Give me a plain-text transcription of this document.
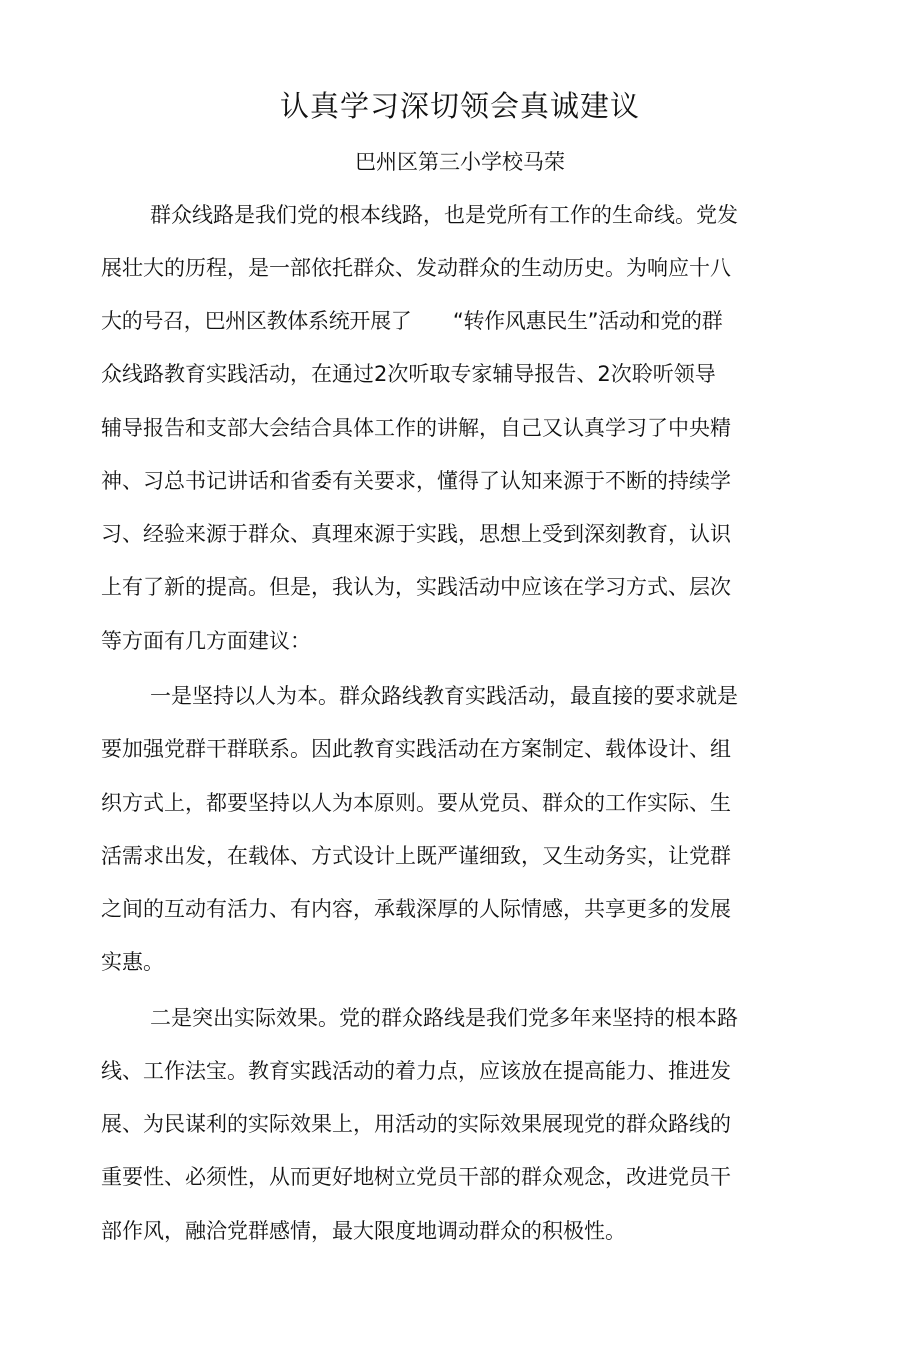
认真学习深切领会真诚建议
巴州区第三小学校马荣
群众线路是我们党的根本线路，也是党所有工作的生命线。党发
展壮大的历程，是一部依托群众、发动群众的生动历史。为响应十八
大的号召，巴州区教体系统开展了　　“转作风惠民生”活动和党的群
众线路教育实践活动，在通过2次听取专家辅导报告、2次聆听领导
辅导报告和支部大会结合具体工作的讲解，自己又认真学习了中央精
神、习总书记讲话和省委有关要求，懂得了认知来源于不断的持续学
习、经验来源于群众、真理來源于实践，思想上受到深刻教育，认识
上有了新的提高。但是，我认为，实践活动中应该在学习方式、层次
等方面有几方面建议：
一是坚持以人为本。群众路线教育实践活动，最直接的要求就是
要加强党群干群联系。因此教育实践活动在方案制定、载体设计、组
织方式上，都要坚持以人为本原则。要从党员、群众的工作实际、生
活需求出发，在载体、方式设计上既严谨细致，又生动务实，让党群
之间的互动有活力、有内容，承载深厚的人际情感，共享更多的发展
实惠。
二是突出实际效果。党的群众路线是我们党多年来坚持的根本路
线、工作法宝。教育实践活动的着力点，应该放在提高能力、推进发
展、为民谋利的实际效果上，用活动的实际效果展现党的群众路线的
重要性、必须性，从而更好地树立党员干部的群众观念，改进党员干
部作风，融洽党群感情，最大限度地调动群众的积极性。
